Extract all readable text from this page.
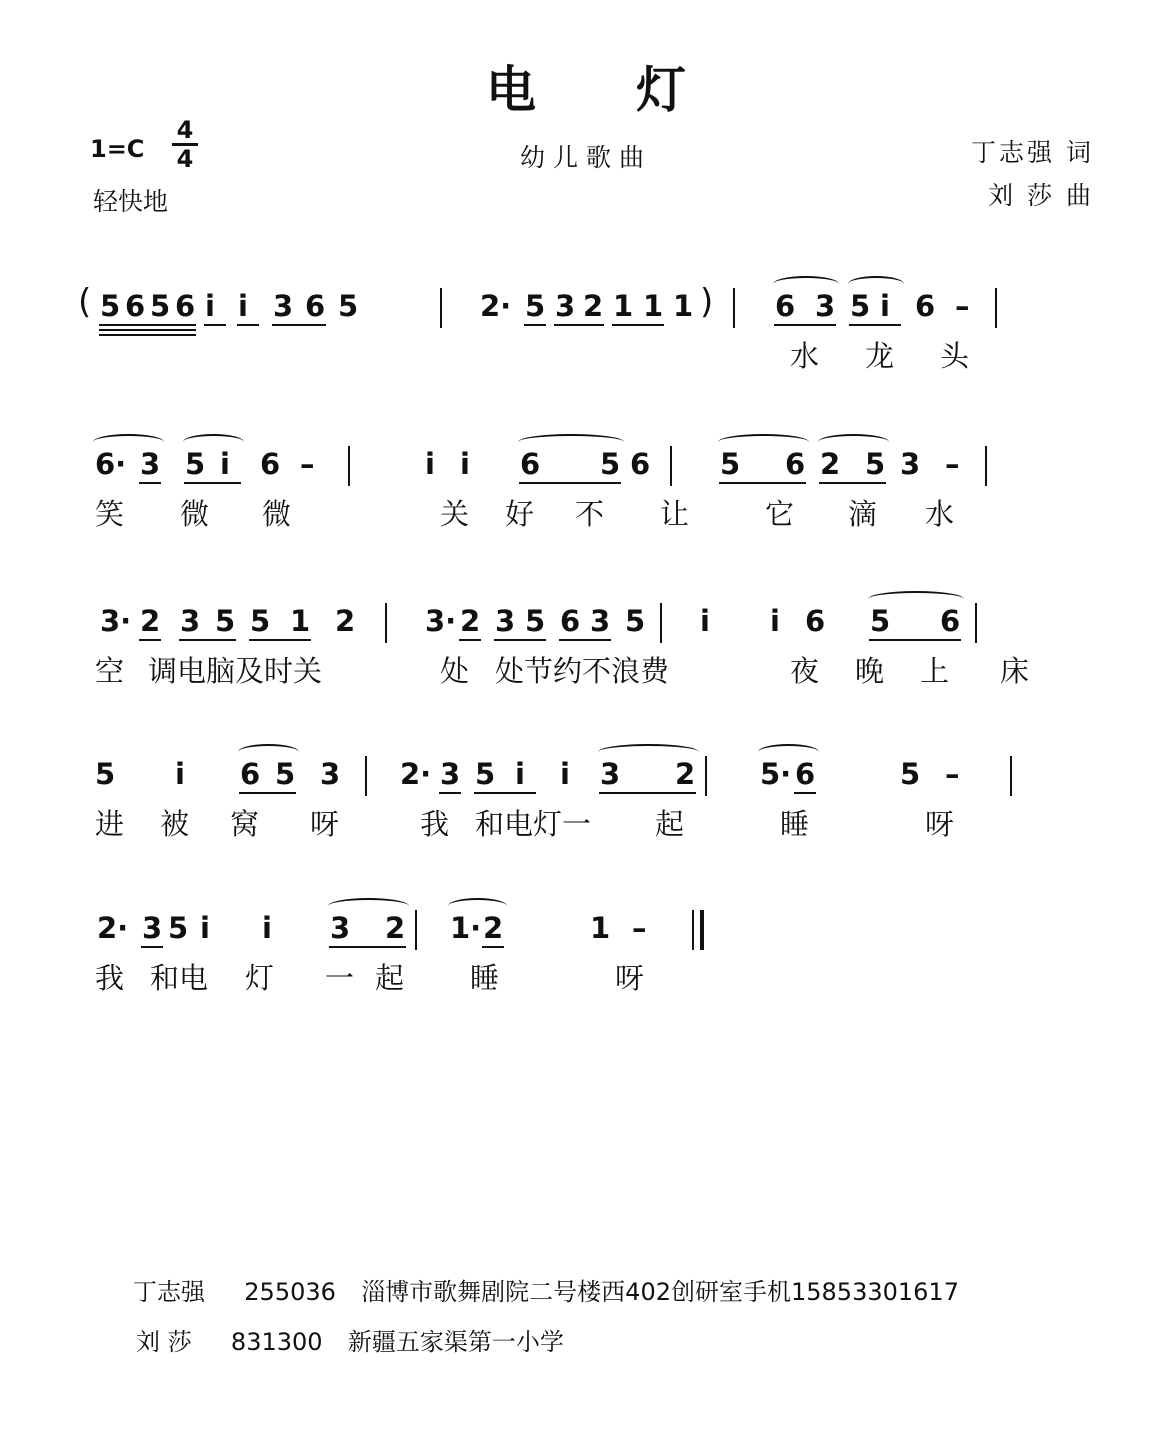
电灯
1=C
4
4
轻快地
幼儿歌曲	丁志强 词
刘 莎 曲
( 5 6 5 6 i i 3 6 5	2· 5 3 2 1 1 1 ) 6 3 5 i 6 –
水 龙 头
6· 3 5 i 6 –	i i 6 5 6 5 6 2 5 3 –
笑 微 微	关 好 不 让	它 滴 水
3· 2 3 5 5 1 2 3· 2 3 5 6 3 5 i i 6 5 6
空 调电脑及时关	处 处节约不浪费	夜 晚 上 床
5 i 6 5 3 2· 3 5 i i 3 2 5· 6	5 –
进 被 窝 呀	我 和电灯一 起	睡	呀
2· 3 5 i i 3 2 1· 2	1 –
我 和电 灯 一 起 睡	呀
丁志强 255036 淄博市歌舞剧院二号楼西402创研室手机15853301617
刘 莎 831300 新疆五家渠第一小学
